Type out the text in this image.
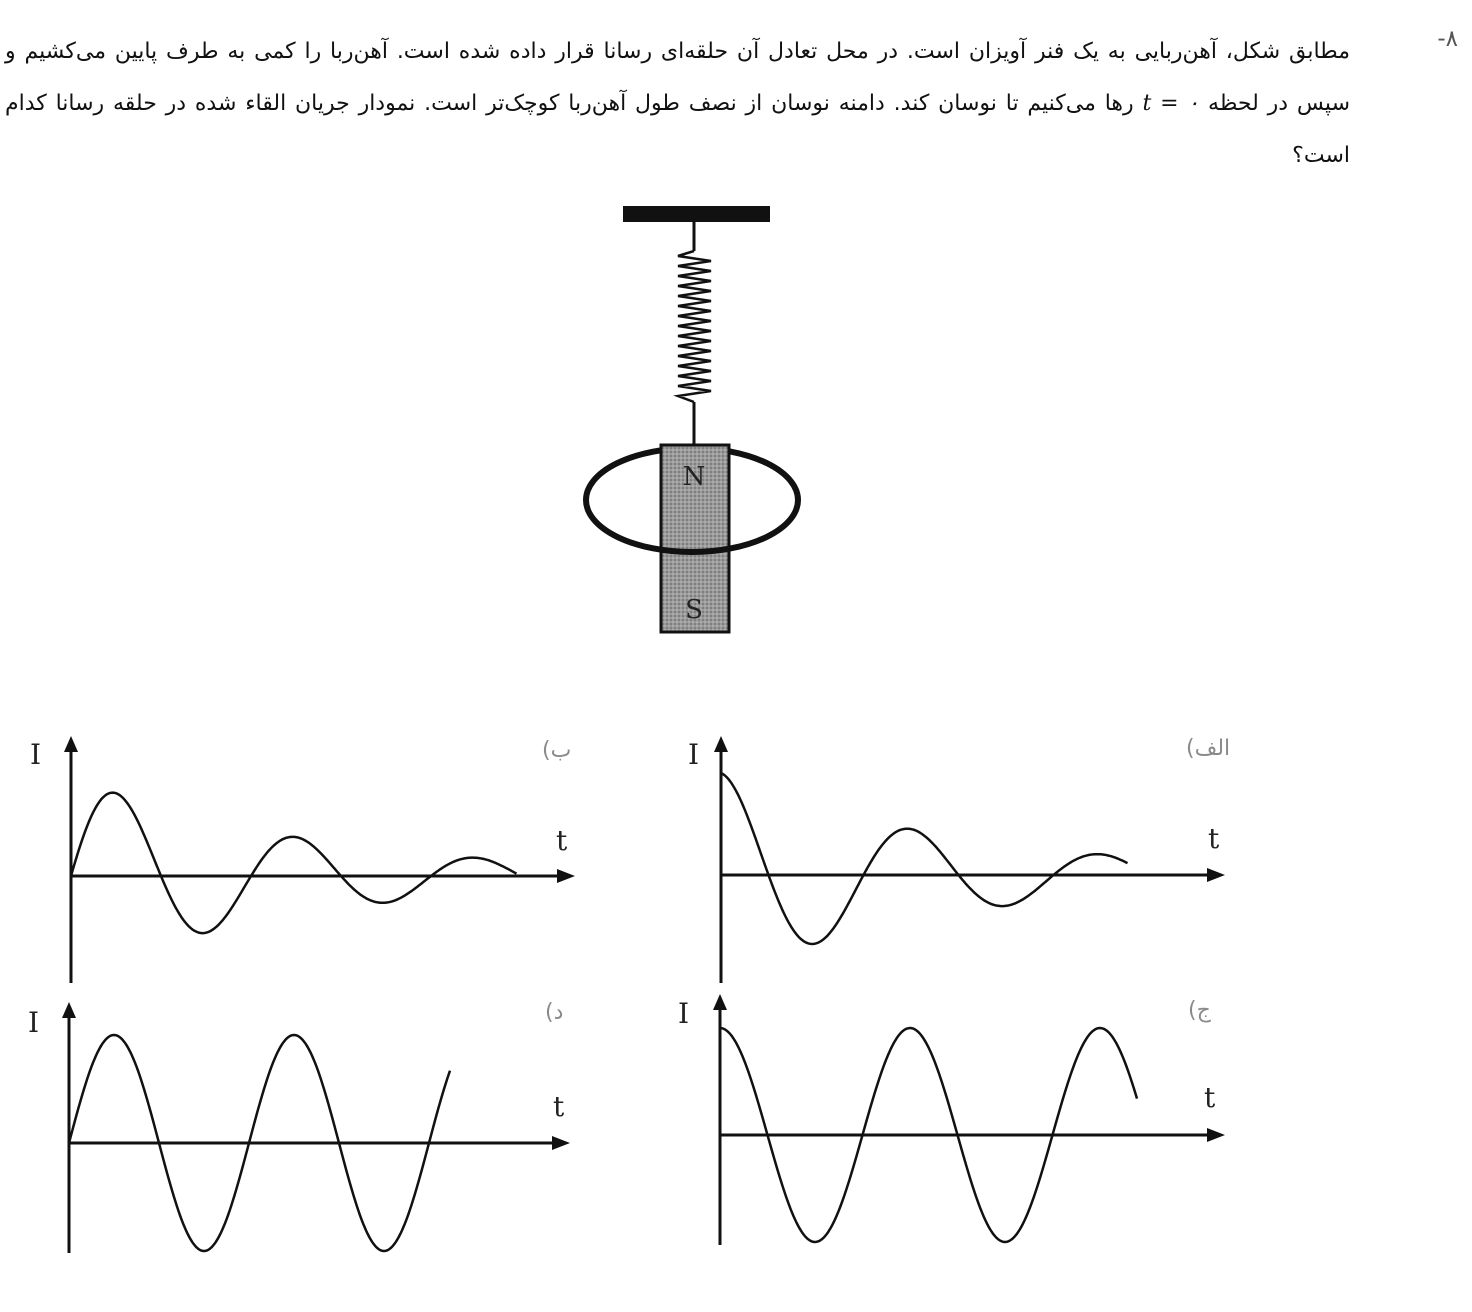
۸-
مطابق شکل، آهن‌ربایی به یک فنر آویزان است. در محل تعادل آن حلقه‌ای رسانا قرار داده شده است. آهن‌ربا را کمی به طرف پایین می‌کشیم و سپس در لحظه t = ۰ رها می‌کنیم تا نوسان کند. دامنه نوسان از نصف طول آهن‌ربا کوچک‌تر است. نمودار جریان القاء شده در حلقه رسانا کدام است؟
N
S
I
t
الف)
I
t
ب)
I
t
ج)
I
t
د)
